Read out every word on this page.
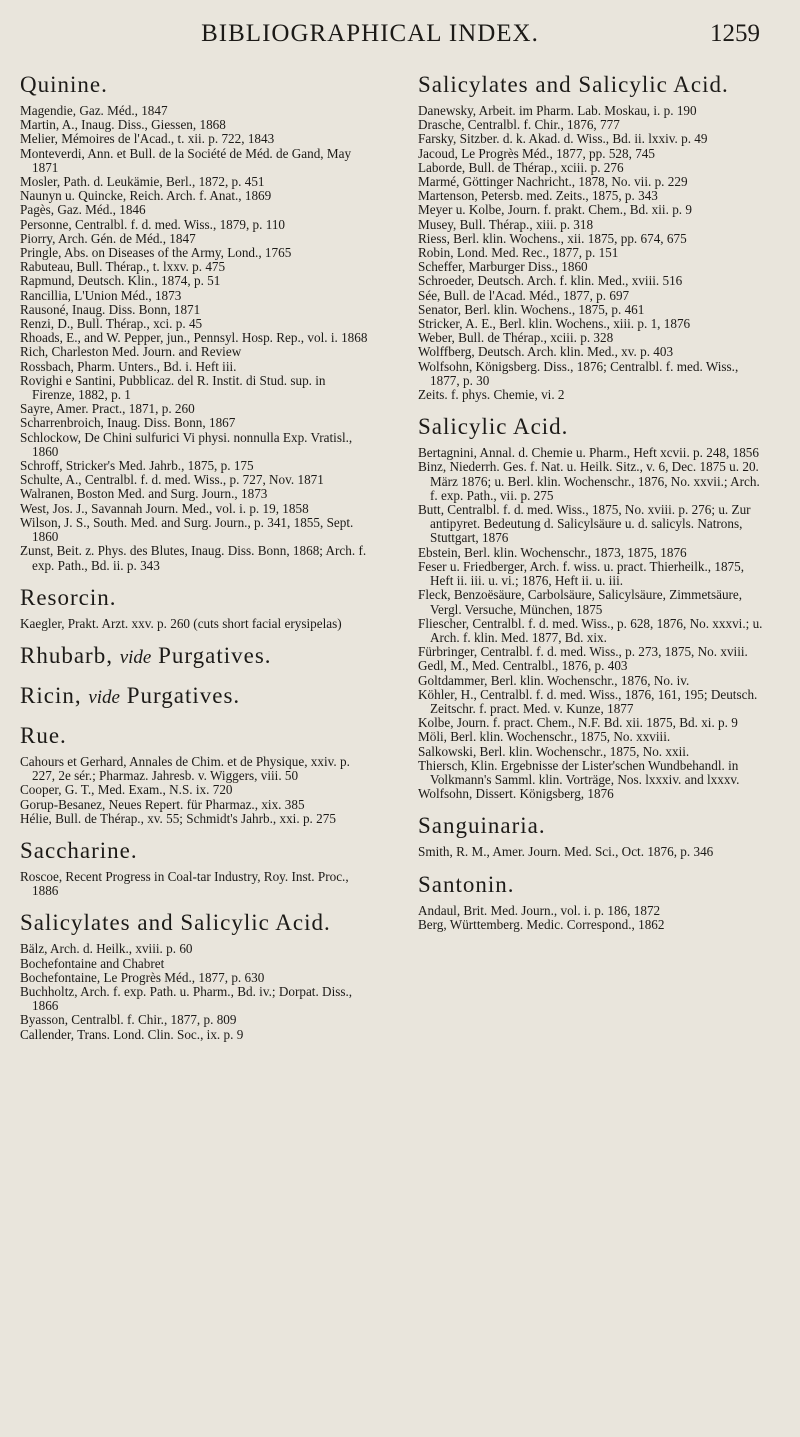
BIBLIOGRAPHICAL INDEX.	1259
Quinine.
Magendie, Gaz. Méd., 1847
Martin, A., Inaug. Diss., Giessen, 1868
Melier, Mémoires de l'Acad., t. xii. p. 722, 1843
Monteverdi, Ann. et Bull. de la Société de Méd. de Gand, May 1871
Mosler, Path. d. Leukämie, Berl., 1872, p. 451
Naunyn u. Quincke, Reich. Arch. f. Anat., 1869
Pagès, Gaz. Méd., 1846
Personne, Centralbl. f. d. med. Wiss., 1879, p. 110
Piorry, Arch. Gén. de Méd., 1847
Pringle, Abs. on Diseases of the Army, Lond., 1765
Rabuteau, Bull. Thérap., t. lxxv. p. 475
Rapmund, Deutsch. Klin., 1874, p. 51
Rancillia, L'Union Méd., 1873
Rausoné, Inaug. Diss. Bonn, 1871
Renzi, D., Bull. Thérap., xci. p. 45
Rhoads, E., and W. Pepper, jun., Pennsyl. Hosp. Rep., vol. i. 1868
Rich, Charleston Med. Journ. and Review
Rossbach, Pharm. Unters., Bd. i. Heft iii.
Rovighi e Santini, Pubblicaz. del R. Instit. di Stud. sup. in Firenze, 1882, p. 1
Sayre, Amer. Pract., 1871, p. 260
Scharrenbroich, Inaug. Diss. Bonn, 1867
Schlockow, De Chini sulfurici Vi physi. nonnulla Exp. Vratisl., 1860
Schroff, Stricker's Med. Jahrb., 1875, p. 175
Schulte, A., Centralbl. f. d. med. Wiss., p. 727, Nov. 1871
Walranen, Boston Med. and Surg. Journ., 1873
West, Jos. J., Savannah Journ. Med., vol. i. p. 19, 1858
Wilson, J. S., South. Med. and Surg. Journ., p. 341, 1855, Sept. 1860
Zunst, Beit. z. Phys. des Blutes, Inaug. Diss. Bonn, 1868; Arch. f. exp. Path., Bd. ii. p. 343
Resorcin.
Kaegler, Prakt. Arzt. xxv. p. 260 (cuts short facial erysipelas)
Rhubarb, vide Purgatives.
Ricin, vide Purgatives.
Rue.
Cahours et Gerhard, Annales de Chim. et de Physique, xxiv. p. 227, 2e sér.; Pharmaz. Jahresb. v. Wiggers, viii. 50
Cooper, G. T., Med. Exam., N.S. ix. 720
Gorup-Besanez, Neues Repert. für Pharmaz., xix. 385
Hélie, Bull. de Thérap., xv. 55; Schmidt's Jahrb., xxi. p. 275
Saccharine.
Roscoe, Recent Progress in Coal-tar Industry, Roy. Inst. Proc., 1886
Salicylates and Salicylic Acid.
Bälz, Arch. d. Heilk., xviii. p. 60
Bochefontaine and Chabret
Bochefontaine, Le Progrès Méd., 1877, p. 630
Buchholtz, Arch. f. exp. Path. u. Pharm., Bd. iv.; Dorpat. Diss., 1866
Byasson, Centralbl. f. Chir., 1877, p. 809
Callender, Trans. Lond. Clin. Soc., ix. p. 9
Salicylates and Salicylic Acid.
Danewsky, Arbeit. im Pharm. Lab. Moskau, i. p. 190
Drasche, Centralbl. f. Chir., 1876, 777
Farsky, Sitzber. d. k. Akad. d. Wiss., Bd. ii. lxxiv. p. 49
Jacoud, Le Progrès Méd., 1877, pp. 528, 745
Laborde, Bull. de Thérap., xciii. p. 276
Marmé, Göttinger Nachricht., 1878, No. vii. p. 229
Martenson, Petersb. med. Zeits., 1875, p. 343
Meyer u. Kolbe, Journ. f. prakt. Chem., Bd. xii. p. 9
Musey, Bull. Thérap., xiii. p. 318
Riess, Berl. klin. Wochens., xii. 1875, pp. 674, 675
Robin, Lond. Med. Rec., 1877, p. 151
Scheffer, Marburger Diss., 1860
Schroeder, Deutsch. Arch. f. klin. Med., xviii. 516
Sée, Bull. de l'Acad. Méd., 1877, p. 697
Senator, Berl. klin. Wochens., 1875, p. 461
Stricker, A. E., Berl. klin. Wochens., xiii. p. 1, 1876
Weber, Bull. de Thérap., xciii. p. 328
Wolffberg, Deutsch. Arch. klin. Med., xv. p. 403
Wolfsohn, Königsberg. Diss., 1876; Centralbl. f. med. Wiss., 1877, p. 30
Zeits. f. phys. Chemie, vi. 2
Salicylic Acid.
Bertagnini, Annal. d. Chemie u. Pharm., Heft xcvii. p. 248, 1856
Binz, Niederrh. Ges. f. Nat. u. Heilk. Sitz., v. 6, Dec. 1875 u. 20. März 1876; u. Berl. klin. Wochenschr., 1876, No. xxvii.; Arch. f. exp. Path., vii. p. 275
Butt, Centralbl. f. d. med. Wiss., 1875, No. xviii. p. 276; u. Zur antipyret. Bedeutung d. Salicylsäure u. d. salicyls. Natrons, Stuttgart, 1876
Ebstein, Berl. klin. Wochenschr., 1873, 1875, 1876
Feser u. Friedberger, Arch. f. wiss. u. pract. Thierheilk., 1875, Heft ii. iii. u. vi.; 1876, Heft ii. u. iii.
Fleck, Benzoësäure, Carbolsäure, Salicylsäure, Zimmetsäure, Vergl. Versuche, München, 1875
Fliescher, Centralbl. f. d. med. Wiss., p. 628, 1876, No. xxxvi.; u. Arch. f. klin. Med. 1877, Bd. xix.
Fürbringer, Centralbl. f. d. med. Wiss., p. 273, 1875, No. xviii.
Gedl, M., Med. Centralbl., 1876, p. 403
Goltdammer, Berl. klin. Wochenschr., 1876, No. iv.
Köhler, H., Centralbl. f. d. med. Wiss., 1876, 161, 195; Deutsch. Zeitschr. f. pract. Med. v. Kunze, 1877
Kolbe, Journ. f. pract. Chem., N.F. Bd. xii. 1875, Bd. xi. p. 9
Möli, Berl. klin. Wochenschr., 1875, No. xxviii.
Salkowski, Berl. klin. Wochenschr., 1875, No. xxii.
Thiersch, Klin. Ergebnisse der Lister'schen Wundbehandl. in Volkmann's Samml. klin. Vorträge, Nos. lxxxiv. and lxxxv.
Wolfsohn, Dissert. Königsberg, 1876
Sanguinaria.
Smith, R. M., Amer. Journ. Med. Sci., Oct. 1876, p. 346
Santonin.
Andaul, Brit. Med. Journ., vol. i. p. 186, 1872
Berg, Württemberg. Medic. Correspond., 1862
